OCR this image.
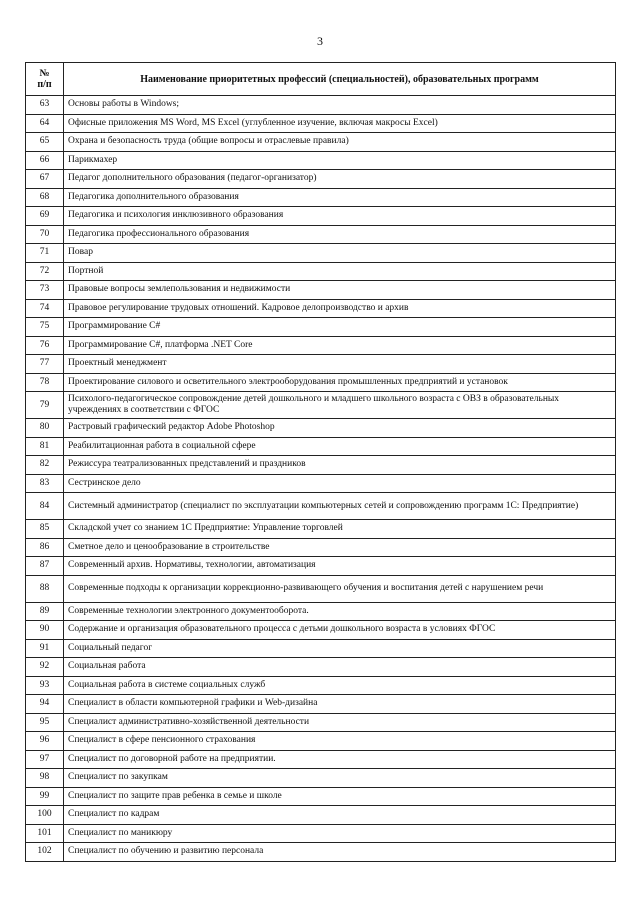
3
№
п/п	Наименование приоритетных профессий (специальностей), образовательных программ
63	Основы работы в Windows;
64	Офисные приложения MS Word, MS Excel (углубленное изучение, включая макросы Excel)
65	Охрана и безопасность труда (общие вопросы и отраслевые правила)
66	Парикмахер
67	Педагог дополнительного образования (педагог-организатор)
68	Педагогика дополнительного образования
69	Педагогика и психология инклюзивного образования
70	Педагогика профессионального образования
71	Повар
72	Портной
73	Правовые вопросы землепользования и недвижимости
74	Правовое регулирование трудовых отношений. Кадровое делопроизводство и архив
75	Программирование C#
76	Программирование C#, платформа .NET Core
77	Проектный менеджмент
78	Проектирование силового и осветительного электрооборудования промышленных предприятий и установок
79	Психолого-педагогическое сопровождение детей дошкольного и младшего школьного возраста с ОВЗ в образовательных учреждениях в соответствии с ФГОС
80	Растровый графический редактор Adobe Photoshop
81	Реабилитационная работа в социальной сфере
82	Режиссура театрализованных представлений и праздников
83	Сестринское дело
84	Системный администратор (специалист по эксплуатации компьютерных сетей и сопровождению программ 1С: Предприятие)
85	Складской учет со знанием 1С Предприятие: Управление торговлей
86	Сметное дело и ценообразование в строительстве
87	Современный архив. Нормативы, технологии, автоматизация
88	Современные подходы к организации коррекционно-развивающего обучения и воспитания детей с нарушением речи
89	Современные технологии электронного документооборота.
90	Содержание и организация образовательного процесса с детьми дошкольного возраста в условиях ФГОС
91	Социальный педагог
92	Социальная работа
93	Социальная работа в системе социальных служб
94	Специалист в области компьютерной графики и Web-дизайна
95	Специалист административно-хозяйственной деятельности
96	Специалист в сфере пенсионного страхования
97	Специалист по договорной работе на предприятии.
98	Специалист по закупкам
99	Специалист по защите прав ребенка в семье и школе
100	Специалист по кадрам
101	Специалист по маникюру
102	Специалист по обучению и развитию персонала
